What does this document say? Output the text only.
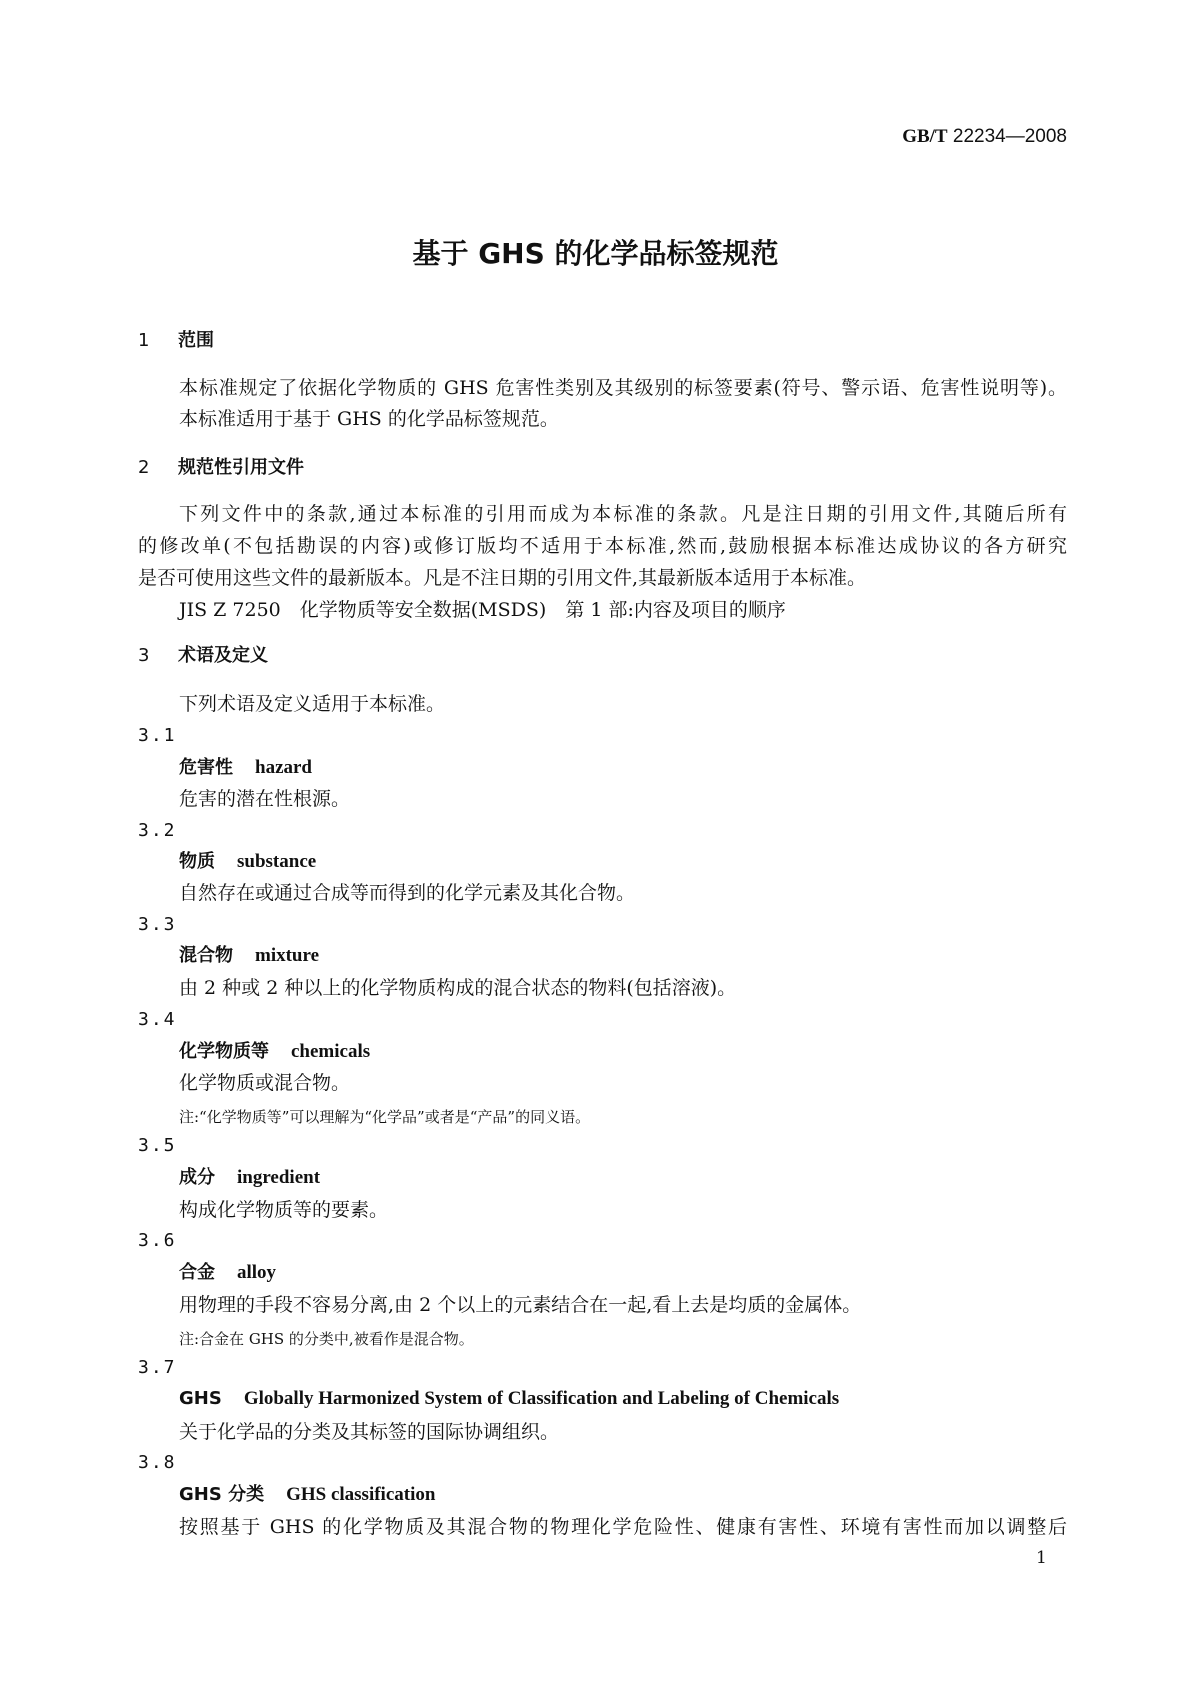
GB/T 22234—2008
基于 GHS 的化学品标签规范
1 范围
本标准规定了依据化学物质的 GHS 危害性类别及其级别的标签要素(符号、警示语、危害性说明等)。
本标准适用于基于 GHS 的化学品标签规范。
2 规范性引用文件
下列文件中的条款,通过本标准的引用而成为本标准的条款。凡是注日期的引用文件,其随后所有
的修改单(不包括勘误的内容)或修订版均不适用于本标准,然而,鼓励根据本标准达成协议的各方研究
是否可使用这些文件的最新版本。凡是不注日期的引用文件,其最新版本适用于本标准。
JIS Z 7250　化学物质等安全数据(MSDS)　第 1 部:内容及项目的顺序
3 术语及定义
下列术语及定义适用于本标准。
3.1
危害性 hazard
危害的潜在性根源。
3.2
物质 substance
自然存在或通过合成等而得到的化学元素及其化合物。
3.3
混合物 mixture
由 2 种或 2 种以上的化学物质构成的混合状态的物料(包括溶液)。
3.4
化学物质等 chemicals
化学物质或混合物。
注:“化学物质等”可以理解为“化学品”或者是“产品”的同义语。
3.5
成分 ingredient
构成化学物质等的要素。
3.6
合金 alloy
用物理的手段不容易分离,由 2 个以上的元素结合在一起,看上去是均质的金属体。
注:合金在 GHS 的分类中,被看作是混合物。
3.7
GHS Globally Harmonized System of Classification and Labeling of Chemicals
关于化学品的分类及其标签的国际协调组织。
3.8
GHS 分类 GHS classification
按照基于 GHS 的化学物质及其混合物的物理化学危险性、健康有害性、环境有害性而加以调整后
1
